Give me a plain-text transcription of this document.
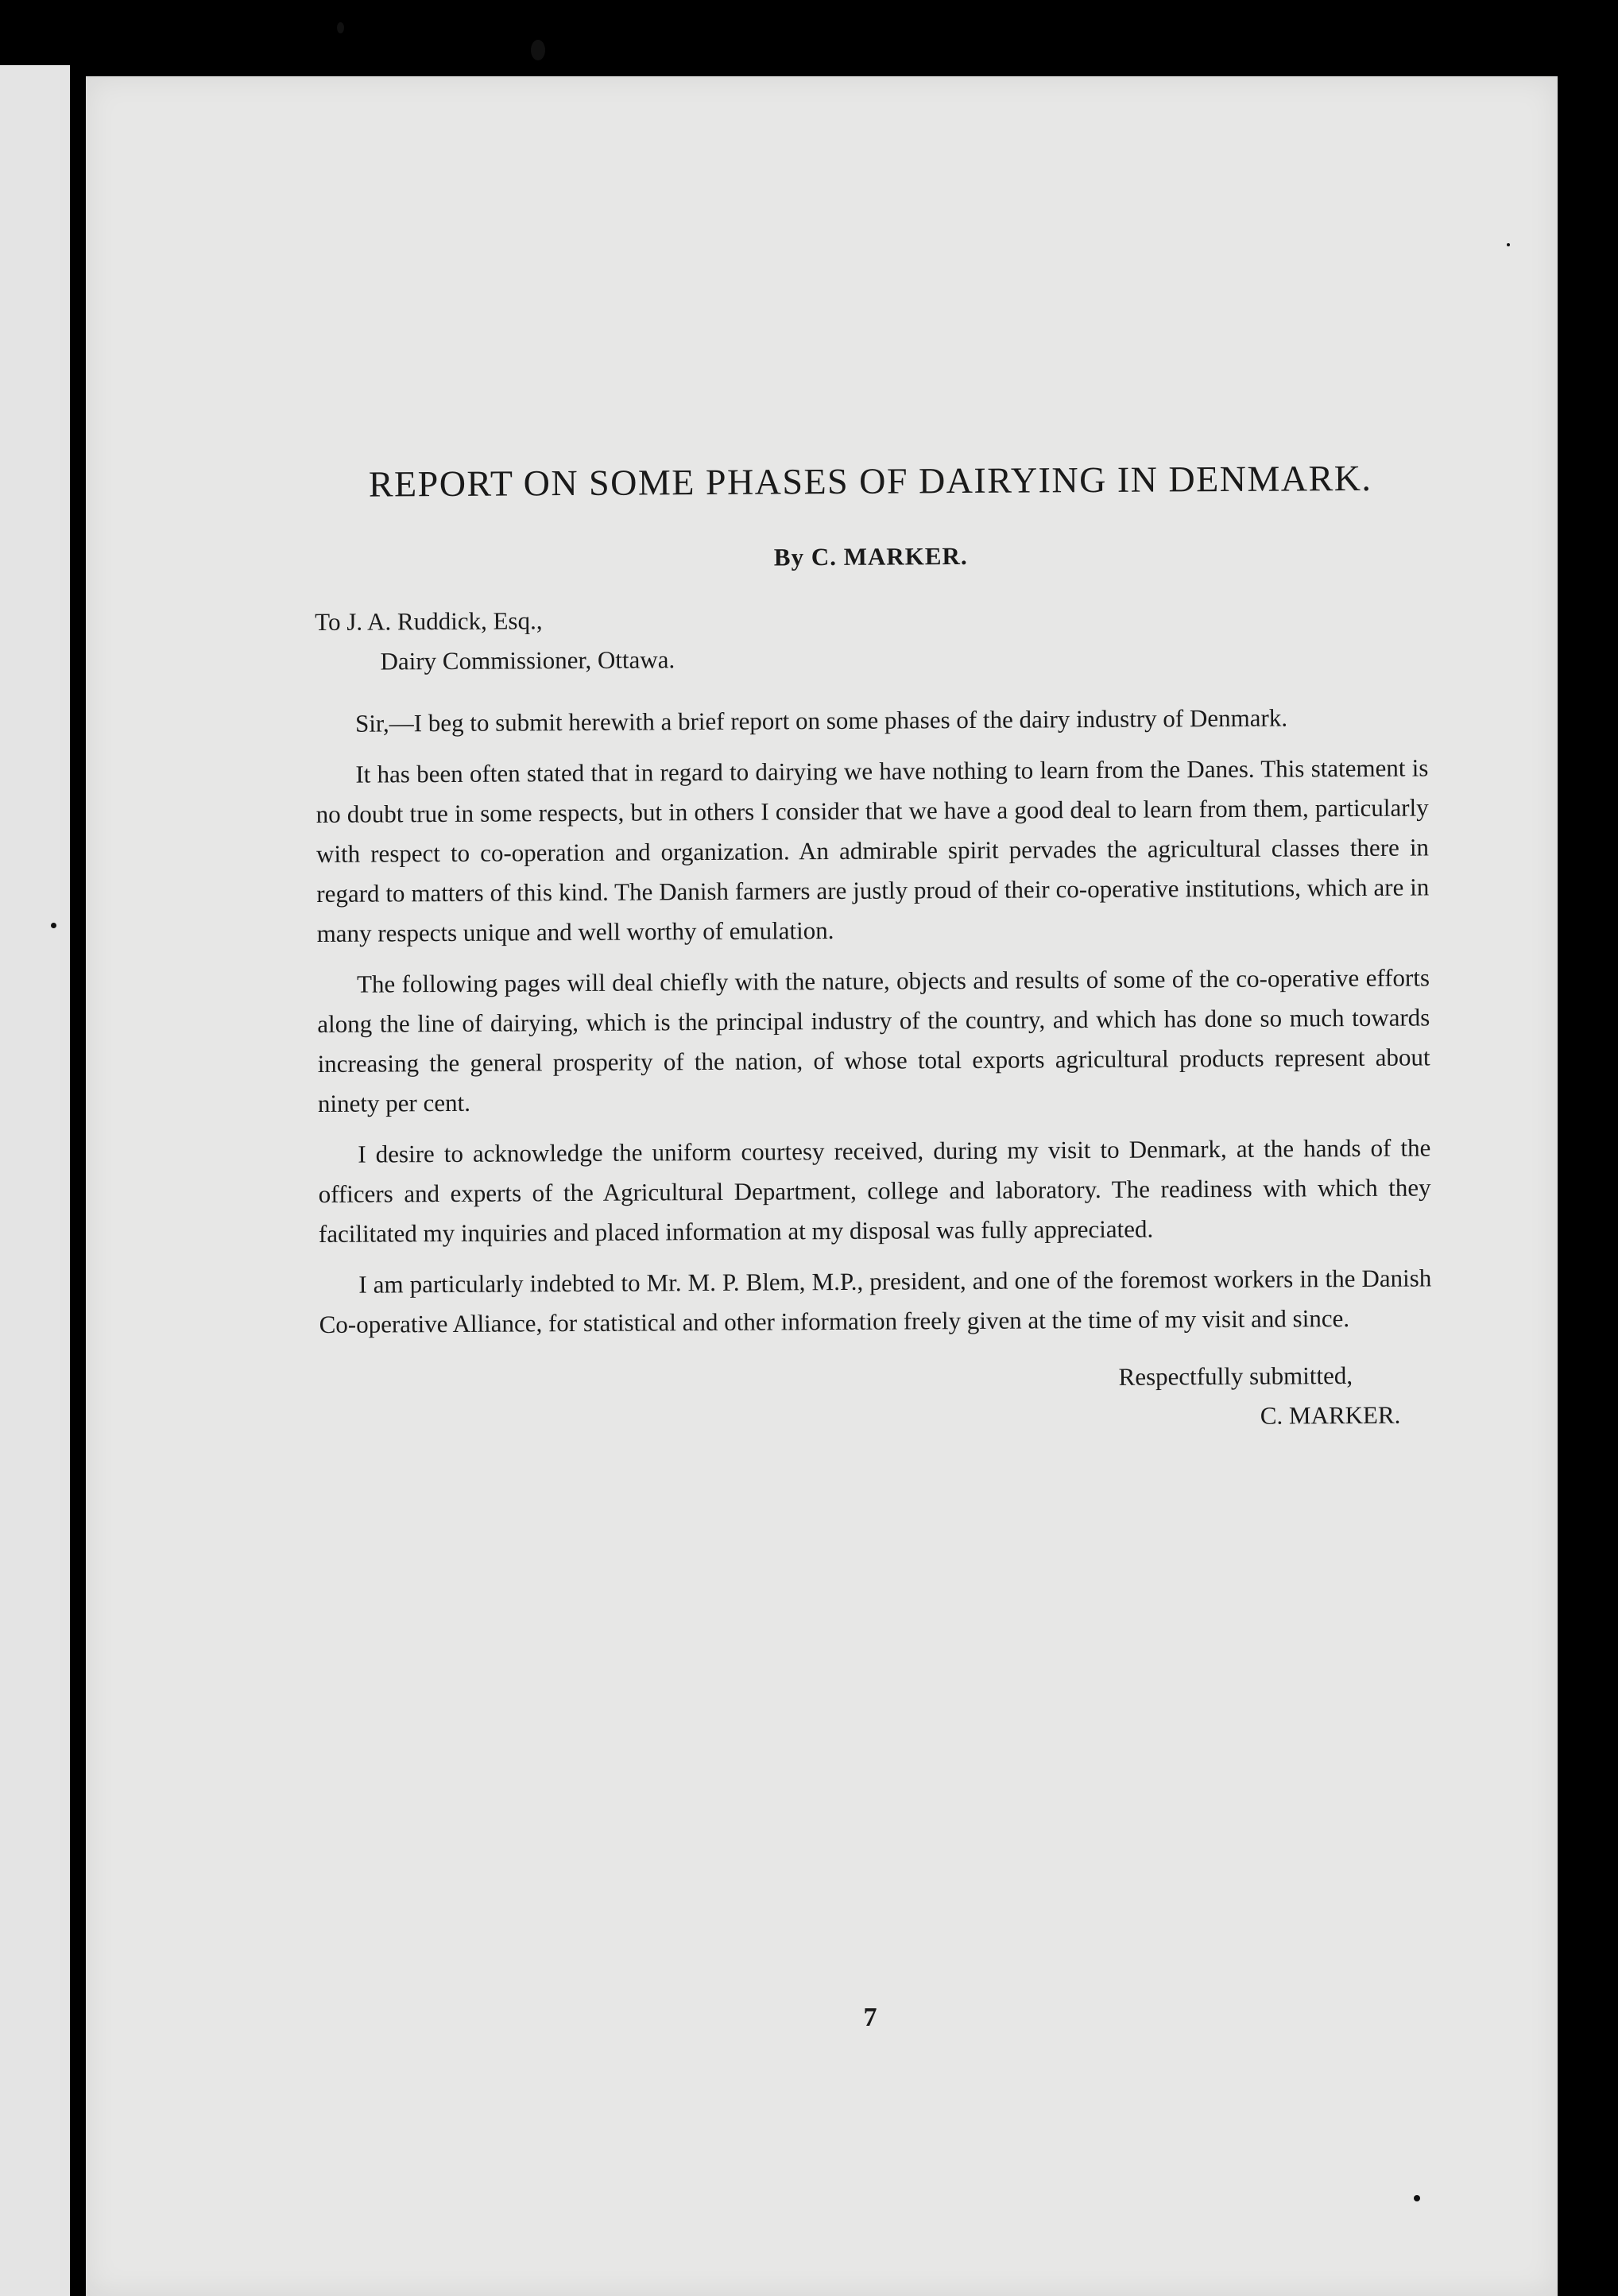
REPORT ON SOME PHASES OF DAIRYING IN DENMARK.
By C. MARKER.
To J. A. Ruddick, Esq.,
Dairy Commissioner, Ottawa.

Sir,—I beg to submit herewith a brief report on some phases of the dairy industry of Denmark.

It has been often stated that in regard to dairying we have nothing to learn from the Danes. This statement is no doubt true in some respects, but in others I consider that we have a good deal to learn from them, particularly with respect to co-operation and organization. An admirable spirit pervades the agricultural classes there in regard to matters of this kind. The Danish farmers are justly proud of their co-operative institutions, which are in many respects unique and well worthy of emulation.

The following pages will deal chiefly with the nature, objects and results of some of the co-operative efforts along the line of dairying, which is the principal industry of the country, and which has done so much towards increasing the general prosperity of the nation, of whose total exports agricultural products represent about ninety per cent.

I desire to acknowledge the uniform courtesy received, during my visit to Denmark, at the hands of the officers and experts of the Agricultural Department, college and laboratory. The readiness with which they facilitated my inquiries and placed information at my disposal was fully appreciated.

I am particularly indebted to Mr. M. P. Blem, M.P., president, and one of the foremost workers in the Danish Co-operative Alliance, for statistical and other information freely given at the time of my visit and since.

Respectfully submitted,
C. MARKER.
7
